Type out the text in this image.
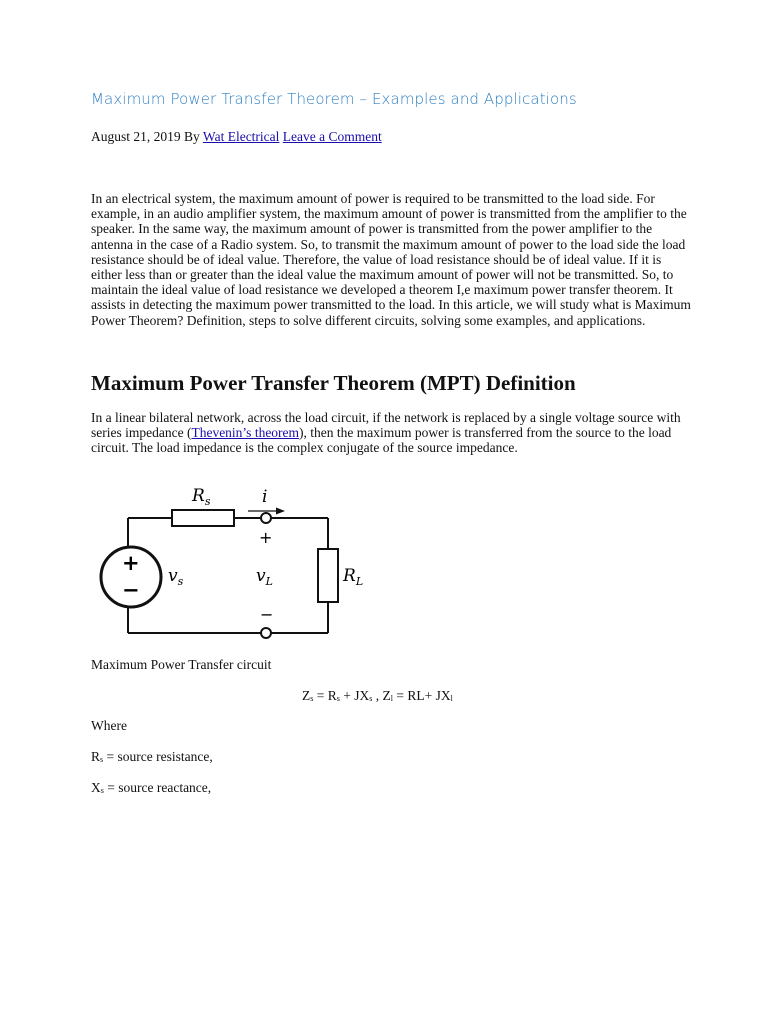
Maximum Power Transfer Theorem – Examples and Applications
August 21, 2019 By Wat Electrical Leave a Comment

In an electrical system, the maximum amount of power is required to be transmitted to the load side. For example, in an audio amplifier system, the maximum amount of power is transmitted from the amplifier to the speaker. In the same way, the maximum amount of power is transmitted from the power amplifier to the antenna in the case of a Radio system. So, to transmit the maximum amount of power to the load side the load resistance should be of ideal value. Therefore, the value of load resistance should be of ideal value. If it is either less than or greater than the ideal value the maximum amount of power will not be transmitted. So, to maintain the ideal value of load resistance we developed a theorem I,e maximum power transfer theorem. It assists in detecting the maximum power transmitted to the load. In this article, we will study what is Maximum Power Theorem? Definition, steps to solve different circuits, solving some examples, and applications.

Maximum Power Transfer Theorem (MPT) Definition

In a linear bilateral network, across the load circuit, if the network is replaced by a single voltage source with series impedance (Thevenin’s theorem), then the maximum power is transferred from the source to the load circuit. The load impedance is the complex conjugate of the source impedance.

$R_s$	i
+
+
−
$v_s$	$v_L$	$R_L$
−

Maximum Power Transfer circuit

$Z_s = R_s + JX_s$ , $Z_l = RL+ JX_l$

Where

$R_s$ = source resistance,

$X_s$ = source reactance,
